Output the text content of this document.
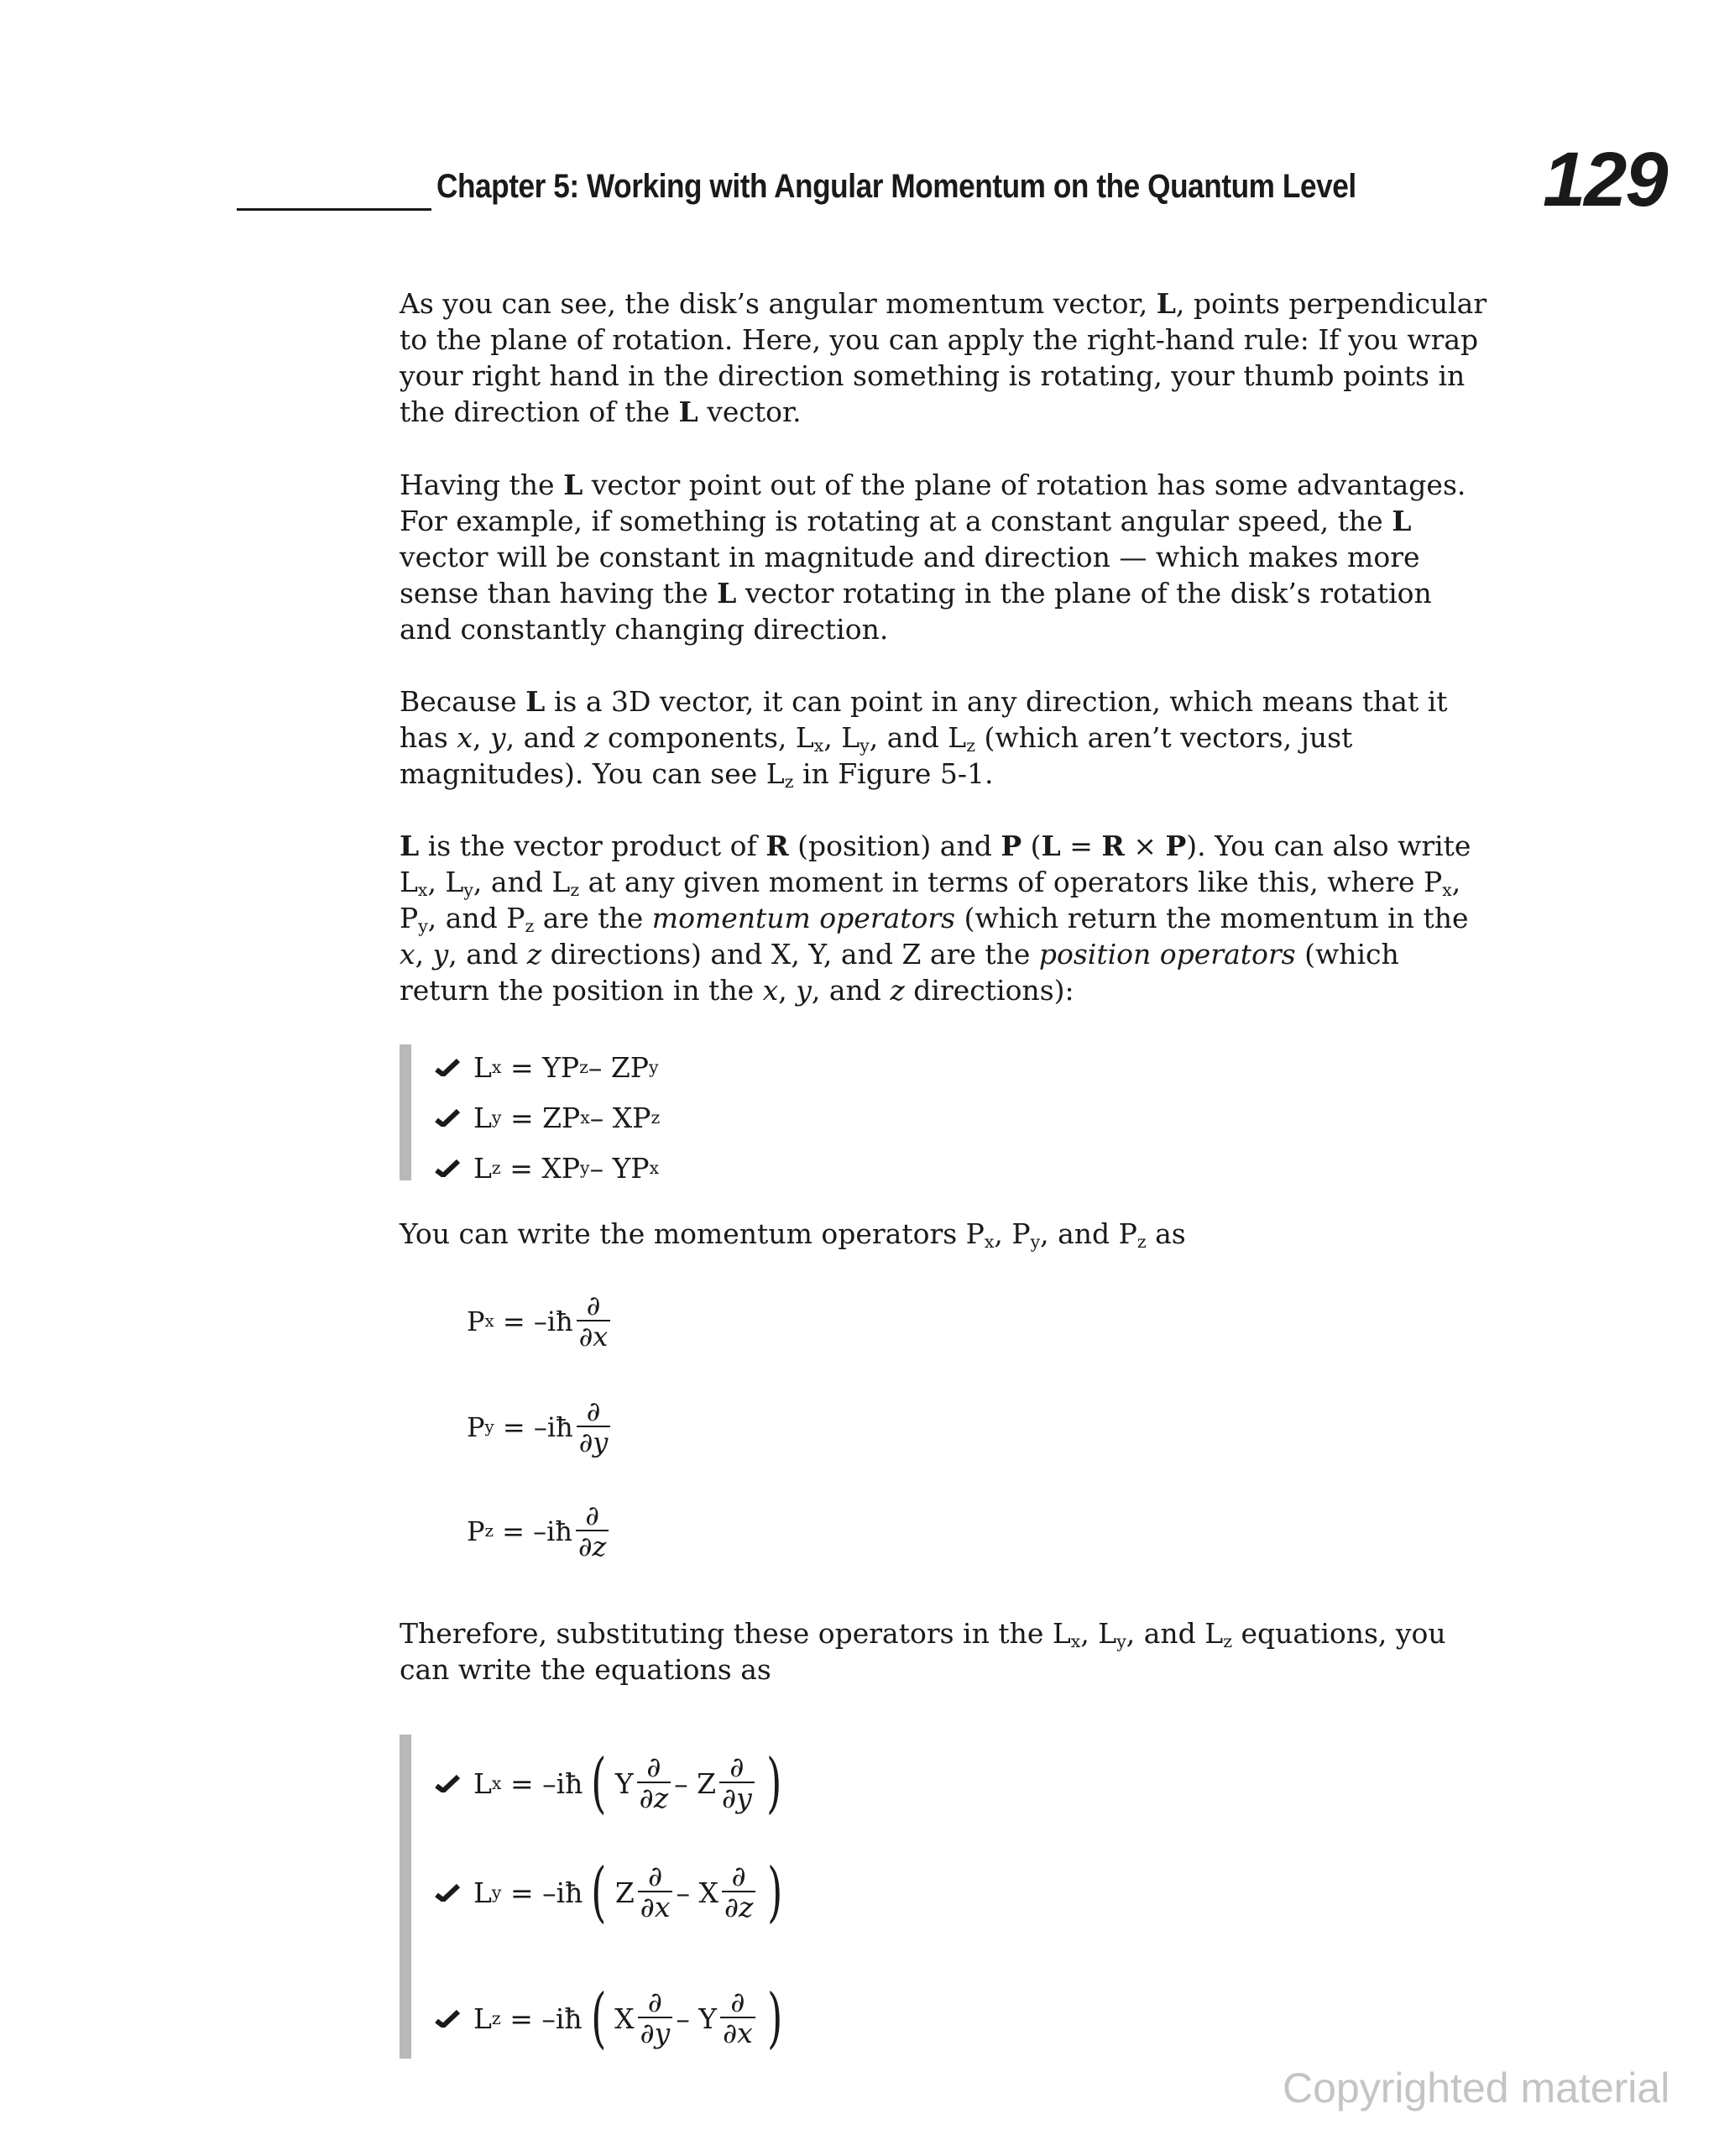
Chapter 5: Working with Angular Momentum on the Quantum Level 129

As you can see, the disk’s angular momentum vector, L, points perpendicular to the plane of rotation. Here, you can apply the right-hand rule: If you wrap your right hand in the direction something is rotating, your thumb points in the direction of the L vector.

Having the L vector point out of the plane of rotation has some advantages. For example, if something is rotating at a constant angular speed, the L vector will be constant in magnitude and direction — which makes more sense than having the L vector rotating in the plane of the disk’s rotation and constantly changing direction.

Because L is a 3D vector, it can point in any direction, which means that it has x, y, and z components, $L_x$, $L_y$, and $L_z$ (which aren’t vectors, just magnitudes). You can see $L_z$ in Figure 5-1.

L is the vector product of R (position) and P (L = R × P). You can also write $L_x$, $L_y$, and $L_z$ at any given moment in terms of operators like this, where $P_x$, $P_y$, and $P_z$ are the momentum operators (which return the momentum in the x, y, and z directions) and X, Y, and Z are the position operators (which return the position in the x, y, and z directions):

L x
= YP z – ZP y
L y
= ZP x – XP z
L z
= XP y – YP x

You can write the momentum operators $P_x$, $P_y$, and $P_z$ as

P x
= –iħ $\frac{\partial}{\partial x}$
P y
= –iħ $\frac{\partial}{\partial y}$
P z
= –iħ $\frac{\partial}{\partial z}$

Therefore, substituting these operators in the $L_x$, $L_y$, and $L_z$ equations, you can write the equations as

L x
= –iħ ( Y $\frac{\partial}{\partial z}$ – Z $\frac{\partial}{\partial y}$ )
L y
= –iħ ( Z $\frac{\partial}{\partial x}$ – X $\frac{\partial}{\partial z}$ )
L z
= –iħ ( X $\frac{\partial}{\partial y}$ – Y $\frac{\partial}{\partial x}$ )
Copyrighted material
